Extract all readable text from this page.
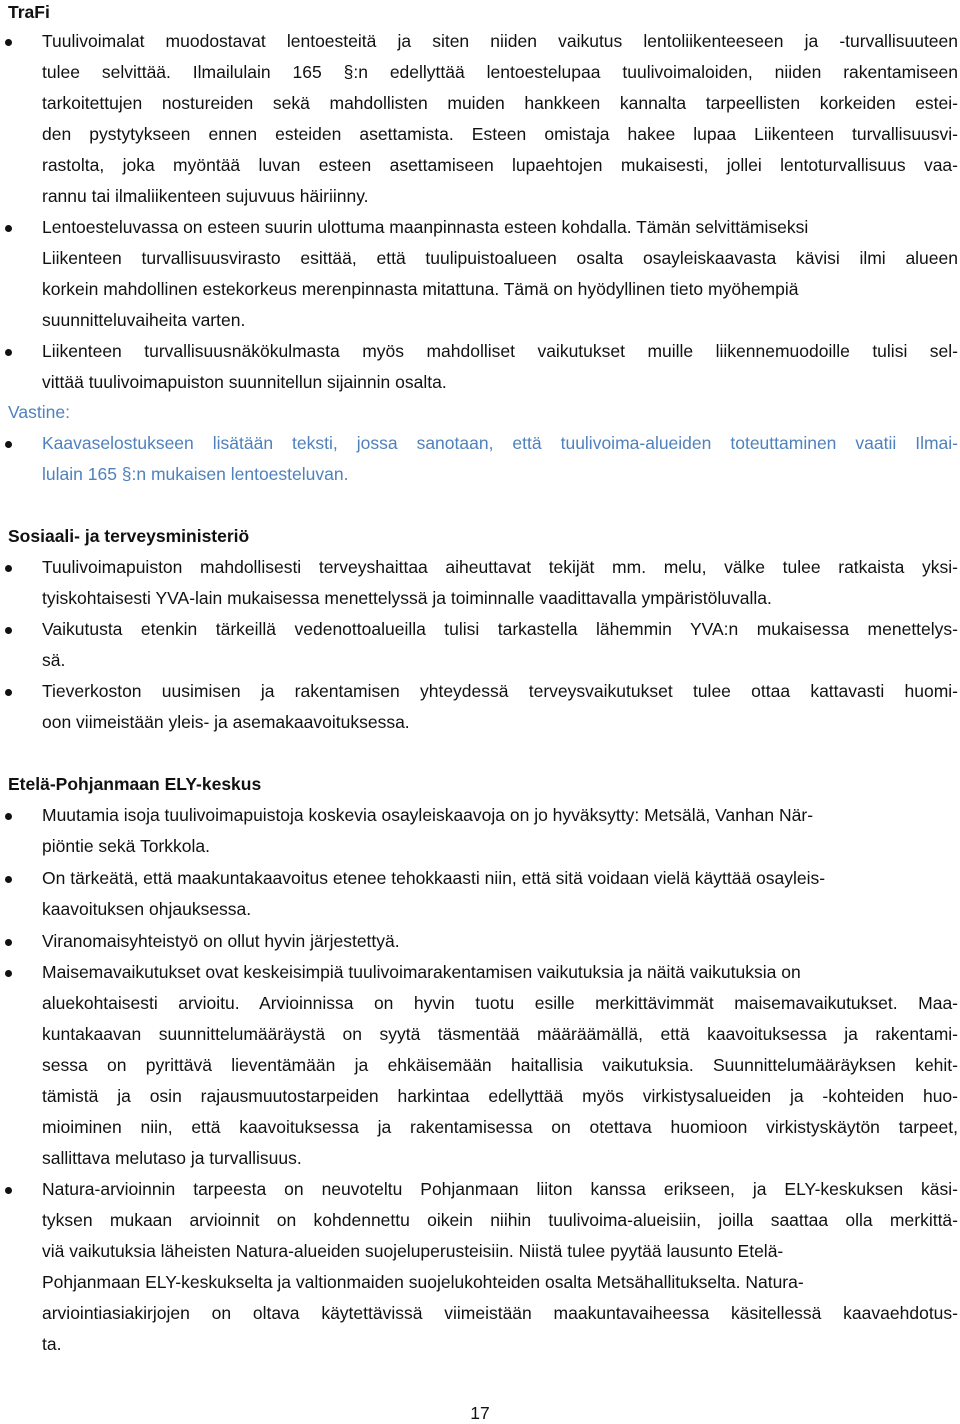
TraFi
Tuulivoimalat muodostavat lentoesteitä ja siten niiden vaikutus lentoliikenteeseen ja -turvallisuuteen
tulee selvittää. Ilmailulain 165 §:n edellyttää lentoestelupaa tuulivoimaloiden, niiden rakentamiseen
tarkoitettujen nostureiden sekä mahdollisten muiden hankkeen kannalta tarpeellisten korkeiden estei-
den pystytykseen ennen esteiden asettamista. Esteen omistaja hakee lupaa Liikenteen turvallisuusvi-
rastolta, joka myöntää luvan esteen asettamiseen lupaehtojen mukaisesti, jollei lentoturvallisuus vaa-
rannu tai ilmaliikenteen sujuvuus häiriinny.
Lentoesteluvassa on esteen suurin ulottuma maanpinnasta esteen kohdalla. Tämän selvittämiseksi
Liikenteen turvallisuusvirasto esittää, että tuulipuistoalueen osalta osayleiskaavasta kävisi ilmi alueen
korkein mahdollinen estekorkeus merenpinnasta mitattuna. Tämä on hyödyllinen tieto myöhempiä
suunnitteluvaiheita varten.
Liikenteen turvallisuusnäkökulmasta myös mahdolliset vaikutukset muille liikennemuodoille tulisi sel-
vittää tuulivoimapuiston suunnitellun sijainnin osalta.
Vastine:
Kaavaselostukseen lisätään teksti, jossa sanotaan, että tuulivoima-alueiden toteuttaminen vaatii Ilmai-
lulain 165 §:n mukaisen lentoesteluvan.
Sosiaali- ja terveysministeriö
Tuulivoimapuiston mahdollisesti terveyshaittaa aiheuttavat tekijät mm. melu, välke tulee ratkaista yksi-
tyiskohtaisesti YVA-lain mukaisessa menettelyssä ja toiminnalle vaadittavalla ympäristöluvalla.
Vaikutusta etenkin tärkeillä vedenottoalueilla tulisi tarkastella lähemmin YVA:n mukaisessa menettelys-
sä.
Tieverkoston uusimisen ja rakentamisen yhteydessä terveysvaikutukset tulee ottaa kattavasti huomi-
oon viimeistään yleis- ja asemakaavoituksessa.
Etelä-Pohjanmaan ELY-keskus
Muutamia isoja tuulivoimapuistoja koskevia osayleiskaavoja on jo hyväksytty: Metsälä, Vanhan När-
piöntie sekä Torkkola.
On tärkeätä, että maakuntakaavoitus etenee tehokkaasti niin, että sitä voidaan vielä käyttää osayleis-
kaavoituksen ohjauksessa.
Viranomaisyhteistyö on ollut hyvin järjestettyä.
Maisemavaikutukset ovat keskeisimpiä tuulivoimarakentamisen vaikutuksia ja näitä vaikutuksia on
aluekohtaisesti arvioitu. Arvioinnissa on hyvin tuotu esille merkittävimmät maisemavaikutukset. Maa-
kuntakaavan suunnittelumääräystä on syytä täsmentää määräämällä, että kaavoituksessa ja rakentami-
sessa on pyrittävä lieventämään ja ehkäisemään haitallisia vaikutuksia. Suunnittelumääräyksen kehit-
tämistä ja osin rajausmuutostarpeiden harkintaa edellyttää myös virkistysalueiden ja -kohteiden huo-
mioiminen niin, että kaavoituksessa ja rakentamisessa on otettava huomioon virkistyskäytön tarpeet,
sallittava melutaso ja turvallisuus.
Natura-arvioinnin tarpeesta on neuvoteltu Pohjanmaan liiton kanssa erikseen, ja ELY-keskuksen käsi-
tyksen mukaan arvioinnit on kohdennettu oikein niihin tuulivoima-alueisiin, joilla saattaa olla merkittä-
viä vaikutuksia läheisten Natura-alueiden suojeluperusteisiin. Niistä tulee pyytää lausunto Etelä-
Pohjanmaan ELY-keskukselta ja valtionmaiden suojelukohteiden osalta Metsähallitukselta. Natura-
arviointiasiakirjojen on oltava käytettävissä viimeistään maakuntavaiheessa käsitellessä kaavaehdotus-
ta.
17
